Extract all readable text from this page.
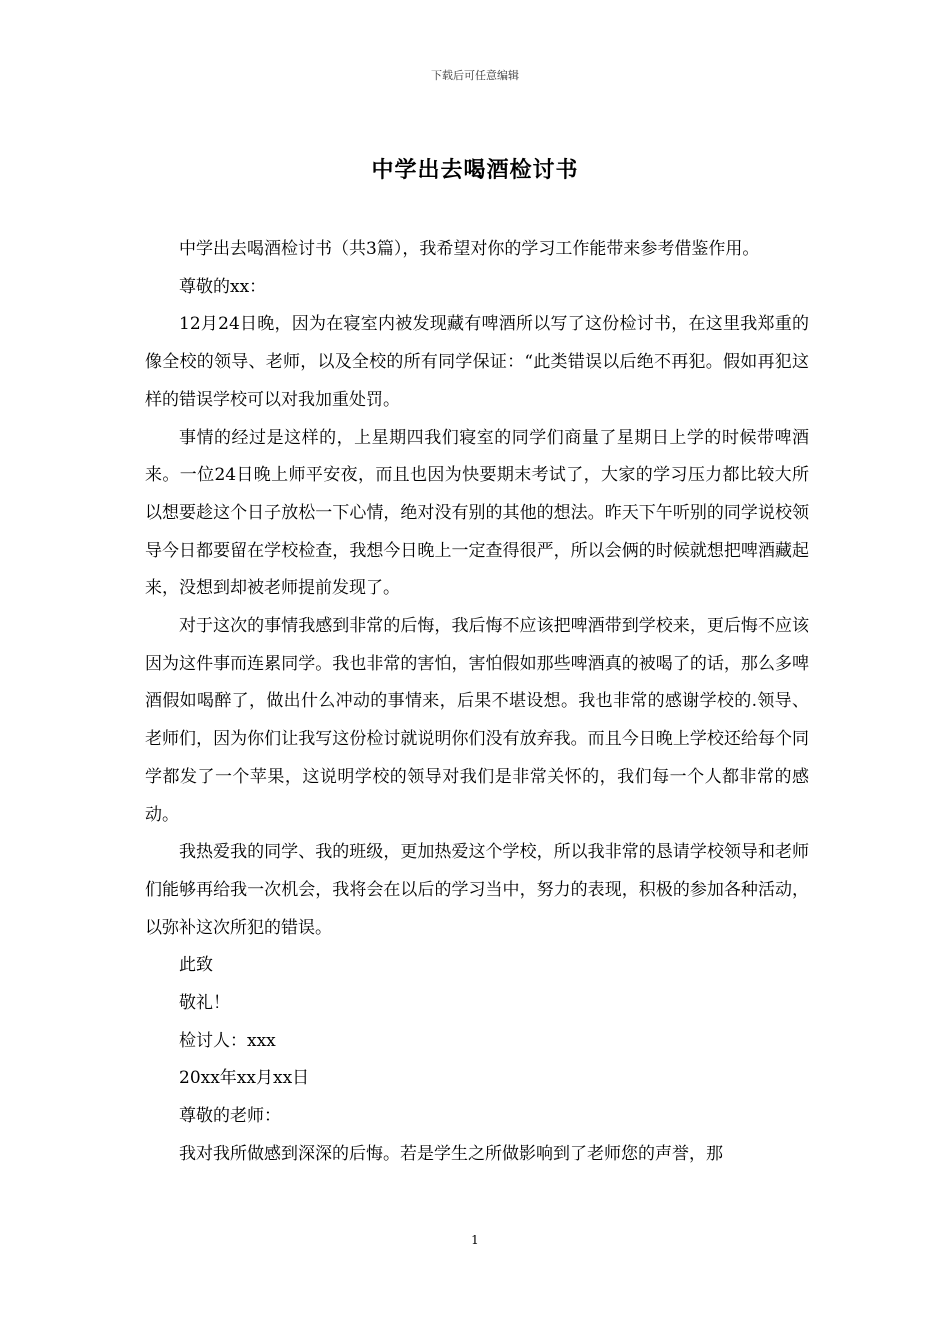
下载后可任意编辑
中学出去喝酒检讨书

中学出去喝酒检讨书（共3篇），我希望对你的学习工作能带来参考借鉴作用。

尊敬的xx：

12月24日晚，因为在寝室内被发现藏有啤酒所以写了这份检讨书，在这里我郑重的像全校的领导、老师，以及全校的所有同学保证：“此类错误以后绝不再犯。假如再犯这样的错误学校可以对我加重处罚。

事情的经过是这样的，上星期四我们寝室的同学们商量了星期日上学的时候带啤酒来。一位24日晚上师平安夜，而且也因为快要期末考试了，大家的学习压力都比较大所以想要趁这个日子放松一下心情，绝对没有别的其他的想法。昨天下午听别的同学说校领导今日都要留在学校检查，我想今日晚上一定查得很严，所以会俩的时候就想把啤酒藏起来，没想到却被老师提前发现了。

对于这次的事情我感到非常的后悔，我后悔不应该把啤酒带到学校来，更后悔不应该因为这件事而连累同学。我也非常的害怕，害怕假如那些啤酒真的被喝了的话，那么多啤酒假如喝醉了，做出什么冲动的事情来，后果不堪设想。我也非常的感谢学校的.领导、老师们，因为你们让我写这份检讨就说明你们没有放弃我。而且今日晚上学校还给每个同学都发了一个苹果，这说明学校的领导对我们是非常关怀的，我们每一个人都非常的感动。

我热爱我的同学、我的班级，更加热爱这个学校，所以我非常的恳请学校领导和老师们能够再给我一次机会，我将会在以后的学习当中，努力的表现，积极的参加各种活动，以弥补这次所犯的错误。

此致

敬礼！

检讨人：xxx

20xx年xx月xx日

尊敬的老师：

我对我所做感到深深的后悔。若是学生之所做影响到了老师您的声誉，那

1
